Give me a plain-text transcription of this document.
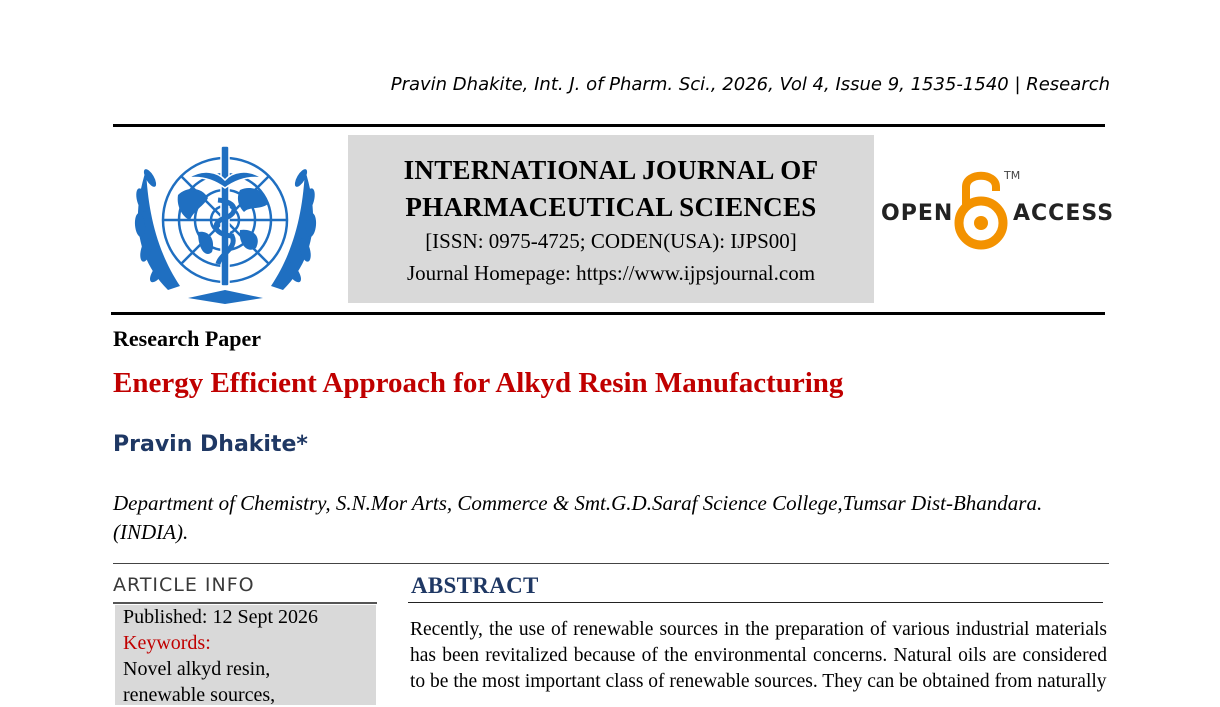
Pravin Dhakite, Int. J. of Pharm. Sci., 2026, Vol 4, Issue 9, 1535-1540 | Research
INTERNATIONAL JOURNAL OF
PHARMACEUTICAL SCIENCES
[ISSN: 0975-4725; CODEN(USA): IJPS00]
Journal Homepage: https://www.ijpsjournal.com
OPEN
TM
ACCESS
Research Paper
Energy Efficient Approach for Alkyd Resin Manufacturing
Pravin Dhakite*
Department of Chemistry, S.N.Mor Arts, Commerce & Smt.G.D.Saraf Science College,Tumsar Dist-Bhandara. (INDIA).
ARTICLE INFO
Published: 12 Sept 2026
Keywords:
Novel alkyd resin,
renewable sources,
ABSTRACT
Recently, the use of renewable sources in the preparation of various industrial materials has been revitalized because of the environmental concerns. Natural oils are considered to be the most important class of renewable sources. They can be obtained from naturally
